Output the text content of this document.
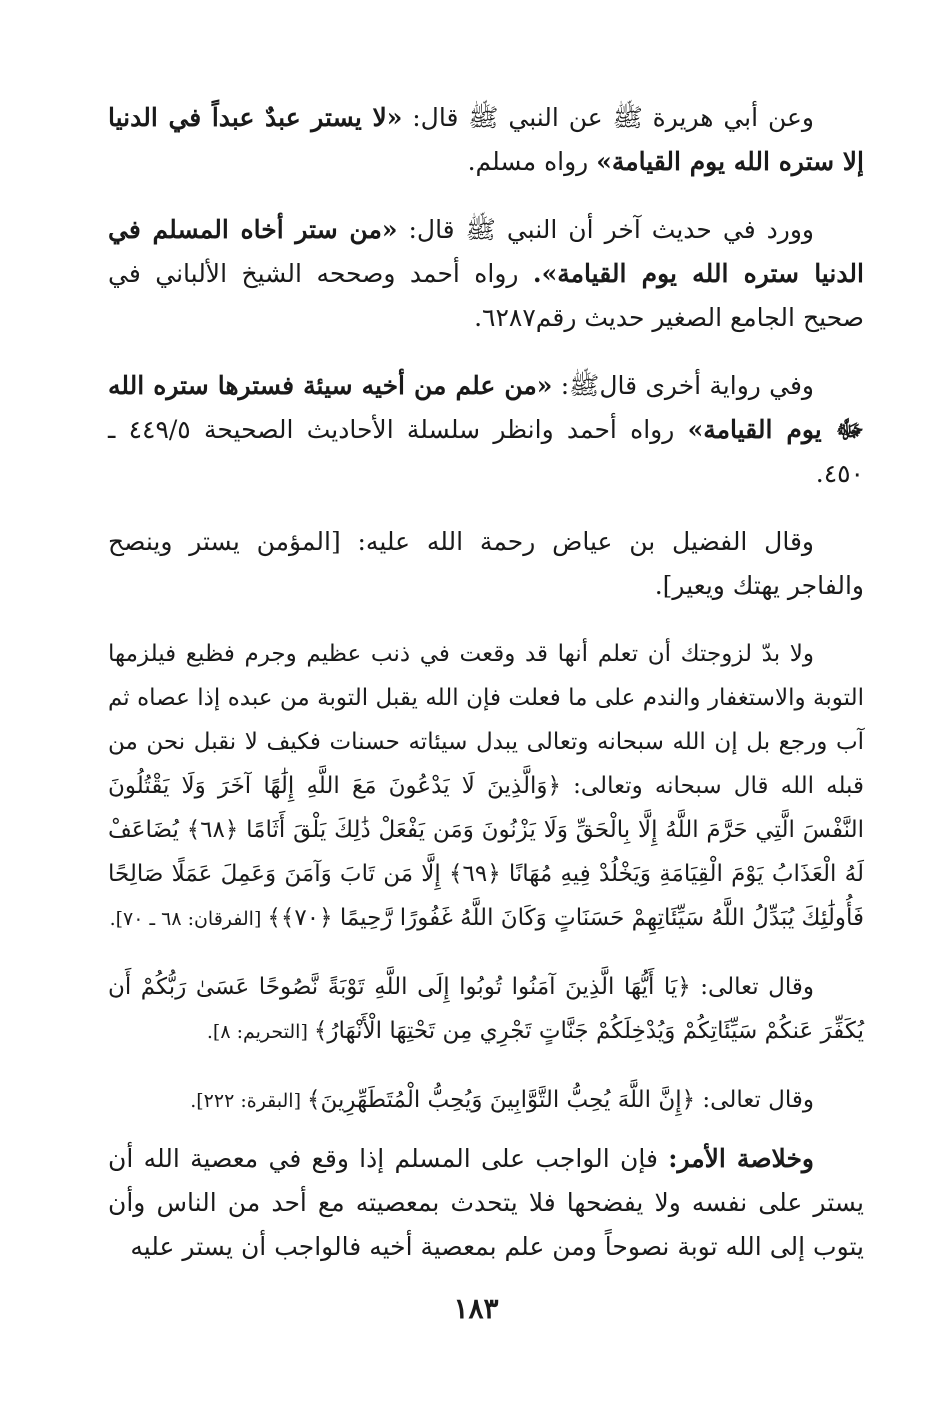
وعن أبي هريرة ﷺ عن النبي ﷺ قال: «لا يستر عبدٌ عبداً في الدنيا إلا ستره الله يوم القيامة» رواه مسلم.

وورد في حديث آخر أن النبي ﷺ قال: «من ستر أخاه المسلم في الدنيا ستره الله يوم القيامة». رواه أحمد وصححه الشيخ الألباني في صحيح الجامع الصغير حديث رقم٦٢٨٧.

وفي رواية أخرى قالﷺ: «من علم من أخيه سيئة فسترها ستره الله ﷻ يوم القيامة» رواه أحمد وانظر سلسلة الأحاديث الصحيحة ٤٤٩/٥ ـ ٤٥٠.

وقال الفضيل بن عياض رحمة الله عليه: [المؤمن يستر وينصح والفاجر يهتك ويعير].

ولا بدّ لزوجتك أن تعلم أنها قد وقعت في ذنب عظيم وجرم فظيع فيلزمها التوبة والاستغفار والندم على ما فعلت فإن الله يقبل التوبة من عبده إذا عصاه ثم آب ورجع بل إن الله سبحانه وتعالى يبدل سيئاته حسنات فكيف لا نقبل نحن من قبله الله قال سبحانه وتعالى: ﴿وَالَّذِينَ لَا يَدْعُونَ مَعَ اللَّهِ إِلَٰهًا آخَرَ وَلَا يَقْتُلُونَ النَّفْسَ الَّتِي حَرَّمَ اللَّهُ إِلَّا بِالْحَقِّ وَلَا يَزْنُونَ وَمَن يَفْعَلْ ذَٰلِكَ يَلْقَ أَثَامًا ﴿٦٨﴾ يُضَاعَفْ لَهُ الْعَذَابُ يَوْمَ الْقِيَامَةِ وَيَخْلُدْ فِيهِ مُهَانًا ﴿٦٩﴾ إِلَّا مَن تَابَ وَآمَنَ وَعَمِلَ عَمَلًا صَالِحًا فَأُولَٰئِكَ يُبَدِّلُ اللَّهُ سَيِّئَاتِهِمْ حَسَنَاتٍ وَكَانَ اللَّهُ غَفُورًا رَّحِيمًا ﴿٧٠﴾﴾ [الفرقان: ٦٨ ـ ٧٠].

وقال تعالى: ﴿يَا أَيُّهَا الَّذِينَ آمَنُوا تُوبُوا إِلَى اللَّهِ تَوْبَةً نَّصُوحًا عَسَىٰ رَبُّكُمْ أَن يُكَفِّرَ عَنكُمْ سَيِّئَاتِكُمْ وَيُدْخِلَكُمْ جَنَّاتٍ تَجْرِي مِن تَحْتِهَا الْأَنْهَارُ﴾ [التحريم: ٨].

وقال تعالى: ﴿إِنَّ اللَّهَ يُحِبُّ التَّوَّابِينَ وَيُحِبُّ الْمُتَطَهِّرِينَ﴾ [البقرة: ٢٢٢].

وخلاصة الأمر: فإن الواجب على المسلم إذا وقع في معصية الله أن يستر على نفسه ولا يفضحها فلا يتحدث بمعصيته مع أحد من الناس وأن يتوب إلى الله توبة نصوحاً ومن علم بمعصية أخيه فالواجب أن يستر عليه

١٨٣
